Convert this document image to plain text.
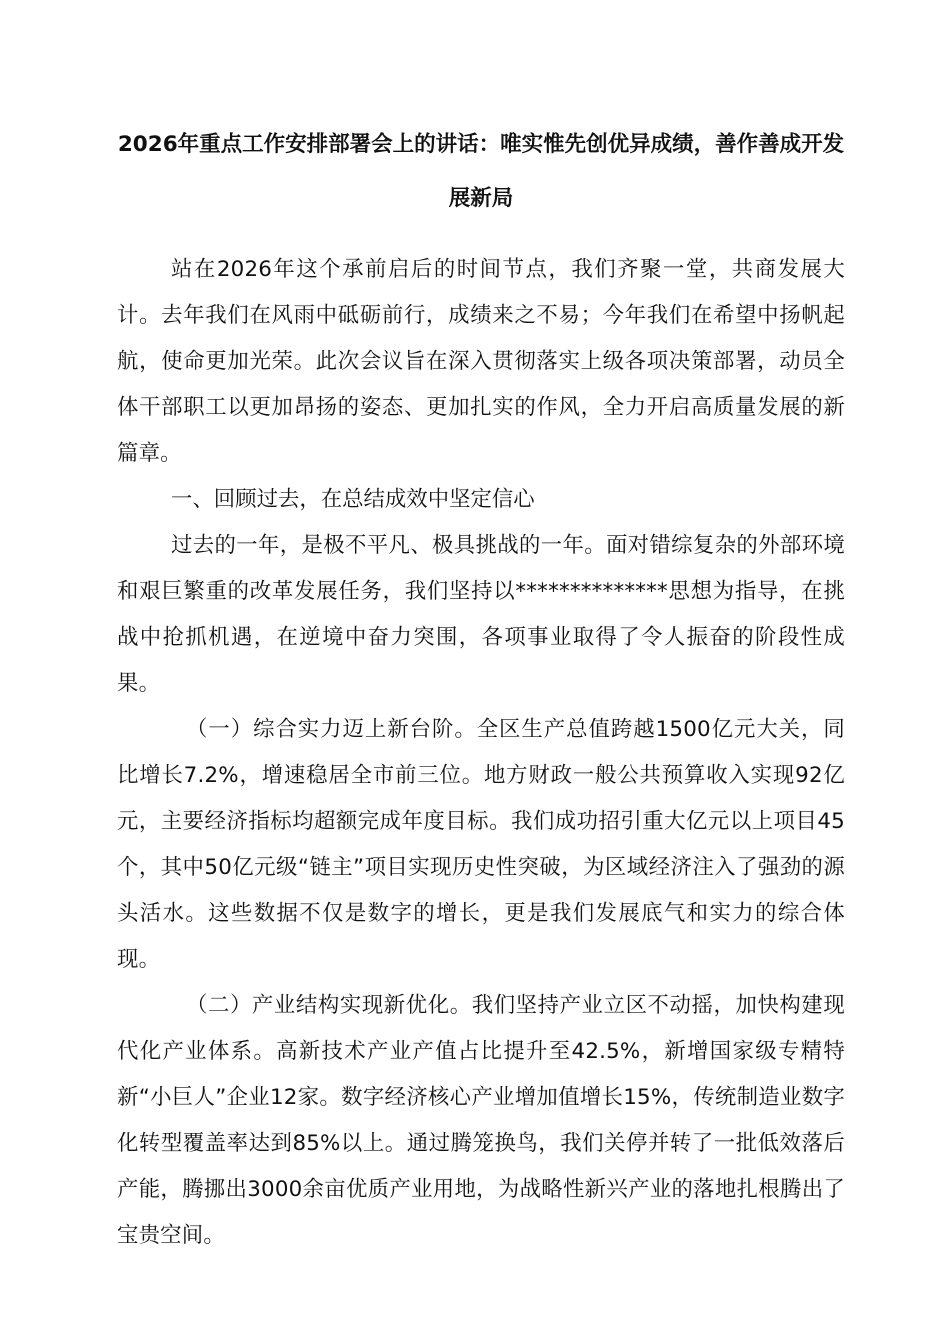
2026年重点工作安排部署会上的讲话：唯实惟先创优异成绩，善作善成开发展新局

站在2026年这个承前启后的时间节点，我们齐聚一堂，共商发展大计。去年我们在风雨中砥砺前行，成绩来之不易；今年我们在希望中扬帆起航，使命更加光荣。此次会议旨在深入贯彻落实上级各项决策部署，动员全体干部职工以更加昂扬的姿态、更加扎实的作风，全力开启高质量发展的新篇章。

一、回顾过去，在总结成效中坚定信心

过去的一年，是极不平凡、极具挑战的一年。面对错综复杂的外部环境和艰巨繁重的改革发展任务，我们坚持以**************思想为指导，在挑战中抢抓机遇，在逆境中奋力突围，各项事业取得了令人振奋的阶段性成果。

（一）综合实力迈上新台阶。全区生产总值跨越1500亿元大关，同比增长7.2%，增速稳居全市前三位。地方财政一般公共预算收入实现92亿元，主要经济指标均超额完成年度目标。我们成功招引重大亿元以上项目45个，其中50亿元级“链主”项目实现历史性突破，为区域经济注入了强劲的源头活水。这些数据不仅是数字的增长，更是我们发展底气和实力的综合体现。

（二）产业结构实现新优化。我们坚持产业立区不动摇，加快构建现代化产业体系。高新技术产业产值占比提升至42.5%，新增国家级专精特新“小巨人”企业12家。数字经济核心产业增加值增长15%，传统制造业数字化转型覆盖率达到85%以上。通过腾笼换鸟，我们关停并转了一批低效落后产能，腾挪出3000余亩优质产业用地，为战略性新兴产业的落地扎根腾出了宝贵空间。
